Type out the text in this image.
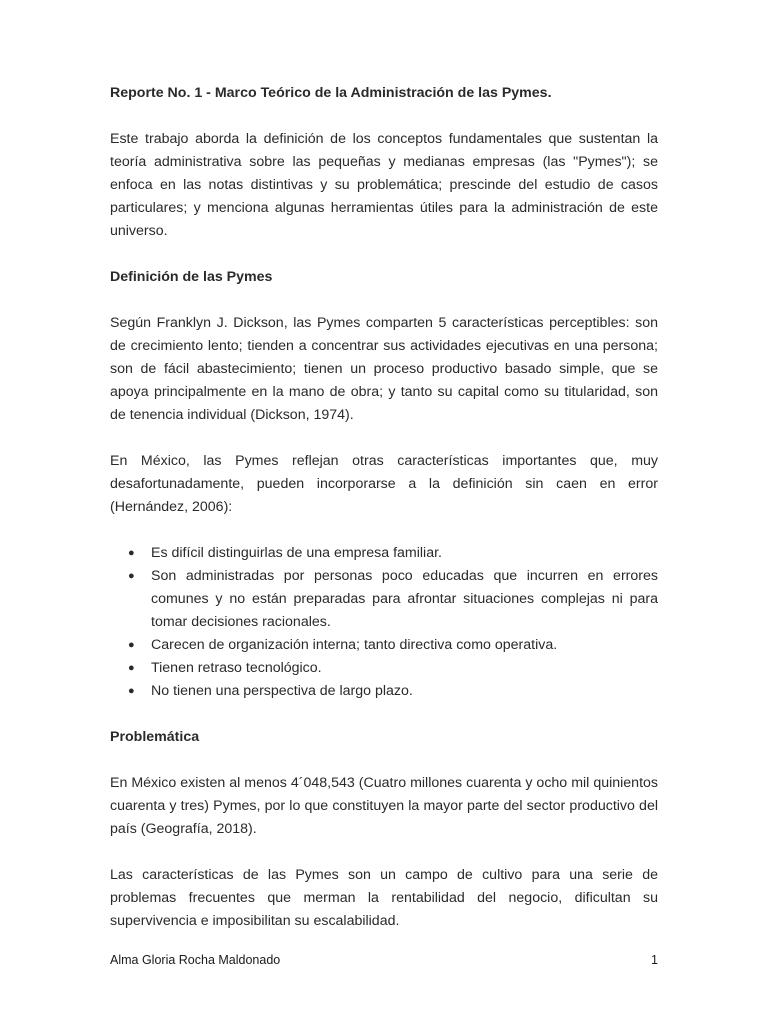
Reporte No. 1 - Marco Teórico de la Administración de las Pymes.

Este trabajo aborda la definición de los conceptos fundamentales que sustentan la teoría administrativa sobre las pequeñas y medianas empresas (las "Pymes"); se enfoca en las notas distintivas y su problemática; prescinde del estudio de casos particulares; y menciona algunas herramientas útiles para la administración de este universo.

Definición de las Pymes

Según Franklyn J. Dickson, las Pymes comparten 5 características perceptibles: son de crecimiento lento; tienden a concentrar sus actividades ejecutivas en una persona; son de fácil abastecimiento; tienen un proceso productivo basado simple, que se apoya principalmente en la mano de obra; y tanto su capital como su titularidad, son de tenencia individual (Dickson, 1974).

En México, las Pymes reflejan otras características importantes que, muy desafortunadamente, pueden incorporarse a la definición sin caen en error (Hernández, 2006):

● Es difícil distinguirlas de una empresa familiar.
● Son administradas por personas poco educadas que incurren en errores comunes y no están preparadas para afrontar situaciones complejas ni para tomar decisiones racionales.
● Carecen de organización interna; tanto directiva como operativa.
● Tienen retraso tecnológico.
● No tienen una perspectiva de largo plazo.

Problemática

En México existen al menos 4´048,543 (Cuatro millones cuarenta y ocho mil quinientos cuarenta y tres) Pymes, por lo que constituyen la mayor parte del sector productivo del país (Geografía, 2018).

Las características de las Pymes son un campo de cultivo para una serie de problemas frecuentes que merman la rentabilidad del negocio, dificultan su supervivencia e imposibilitan su escalabilidad.

Alma Gloria Rocha Maldonado	1
